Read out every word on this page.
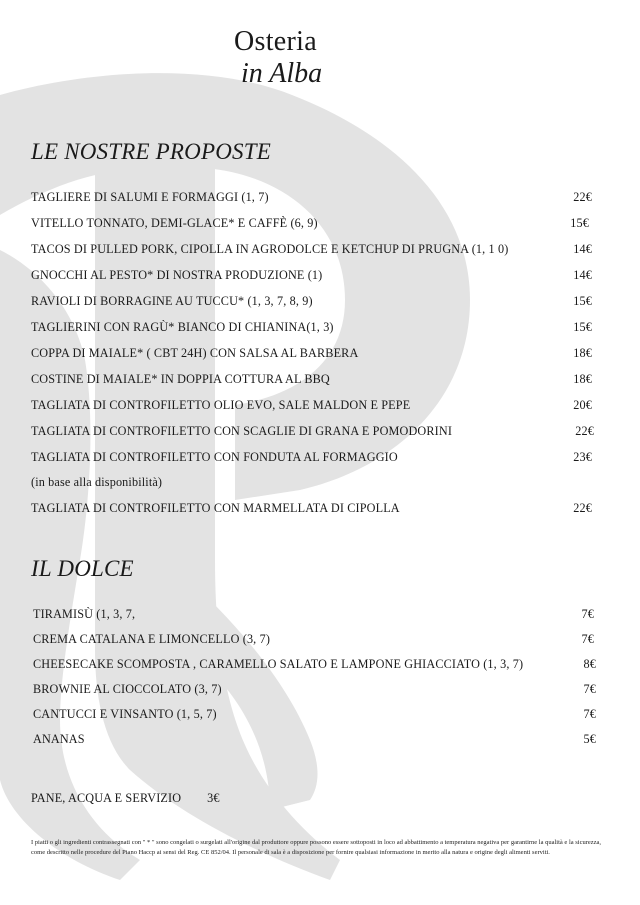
Osteria
in Alba
LE NOSTRE PROPOSTE
TAGLIERE DI SALUMI E FORMAGGI (1, 7)	22€
VITELLO TONNATO, DEMI-GLACE* E CAFFÈ (6, 9)	15€
TACOS DI PULLED PORK, CIPOLLA IN AGRODOLCE E KETCHUP DI PRUGNA (1, 1 0)	14€
GNOCCHI AL PESTO* DI NOSTRA PRODUZIONE (1)	14€
RAVIOLI DI BORRAGINE AU TUCCU* (1, 3, 7, 8, 9)	15€
TAGLIERINI CON RAGÙ* BIANCO DI CHIANINA(1, 3)	15€
COPPA DI MAIALE* ( CBT 24H) CON SALSA AL BARBERA	18€
COSTINE DI MAIALE* IN DOPPIA COTTURA AL BBQ	18€
TAGLIATA DI CONTROFILETTO OLIO EVO, SALE MALDON E PEPE	20€
TAGLIATA DI CONTROFILETTO CON SCAGLIE DI GRANA E POMODORINI	22€
TAGLIATA DI CONTROFILETTO CON FONDUTA AL FORMAGGIO	23€
(in base alla disponibilità)
TAGLIATA DI CONTROFILETTO CON MARMELLATA DI CIPOLLA	22€
IL DOLCE
TIRAMISÙ (1, 3, 7,	7€
CREMA CATALANA E LIMONCELLO (3, 7)	7€
CHEESECAKE SCOMPOSTA , CARAMELLO SALATO E LAMPONE GHIACCIATO (1, 3, 7)	8€
BROWNIE AL CIOCCOLATO (3, 7)	7€
CANTUCCI E VINSANTO (1, 5, 7)	7€
ANANAS	5€
PANE, ACQUA E SERVIZIO 3€

I piatti o gli ingredienti contrassegnati con " * " sono congelati o surgelati all'origine dal produttore oppure possono essere sottoposti in loco ad abbattimento a temperatura negativa per garantirne la qualità e la sicurezza, come descritto nelle procedure del Piano Haccp ai sensi del Reg. CE 852/04. Il personale di sala è a disposizione per fornire qualsiasi informazione in merito alla natura e origine degli alimenti serviti.
